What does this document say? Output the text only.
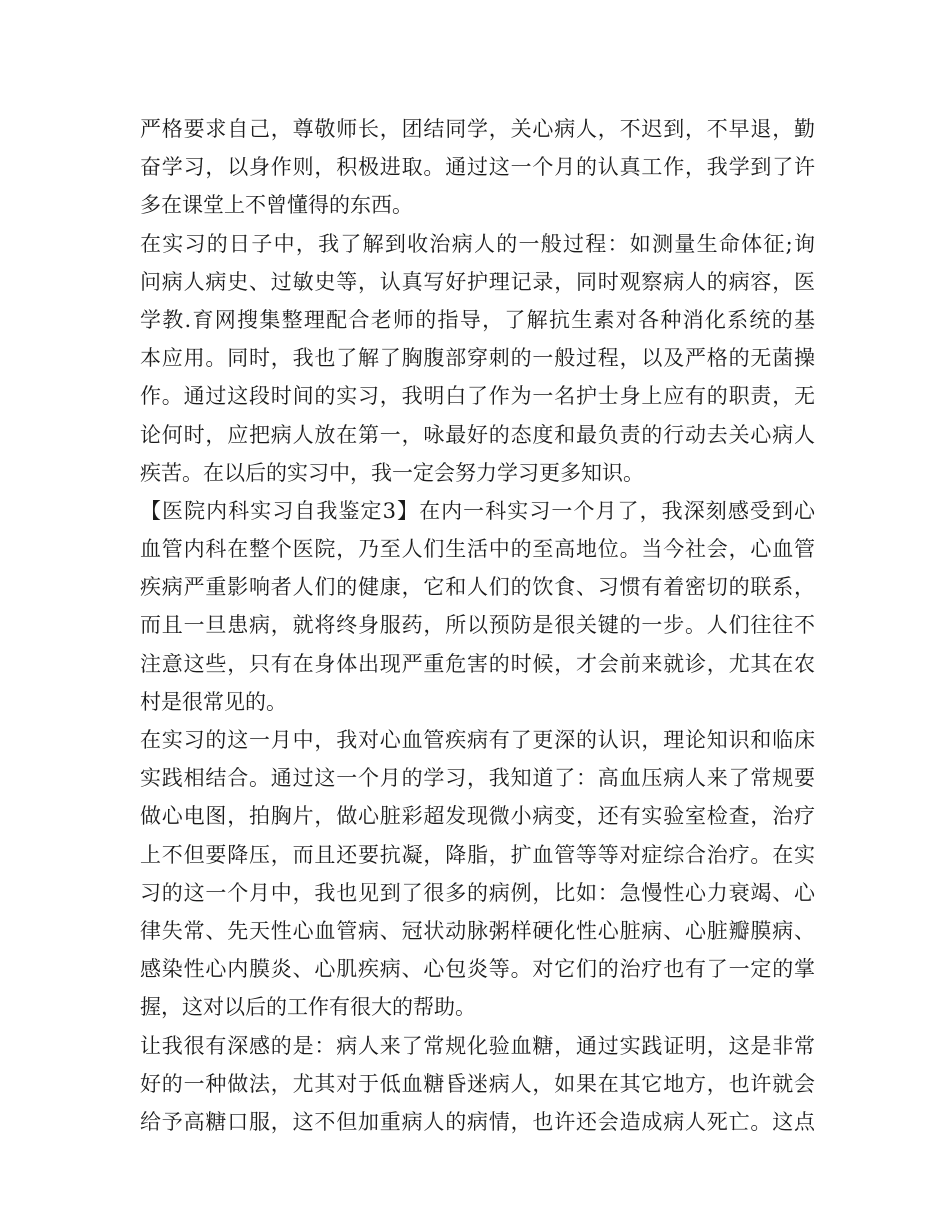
严格要求自己，尊敬师长，团结同学，关心病人，不迟到，不早退，勤
奋学习，以身作则，积极进取。通过这一个月的认真工作，我学到了许
多在课堂上不曾懂得的东西。
在实习的日子中，我了解到收治病人的一般过程：如测量生命体征;询
问病人病史、过敏史等，认真写好护理记录，同时观察病人的病容，医
学教.育网搜集整理配合老师的指导，了解抗生素对各种消化系统的基
本应用。同时，我也了解了胸腹部穿刺的一般过程，以及严格的无菌操
作。通过这段时间的实习，我明白了作为一名护士身上应有的职责，无
论何时，应把病人放在第一，咏最好的态度和最负责的行动去关心病人
疾苦。在以后的实习中，我一定会努力学习更多知识。
【医院内科实习自我鉴定3】在内一科实习一个月了，我深刻感受到心
血管内科在整个医院，乃至人们生活中的至高地位。当今社会，心血管
疾病严重影响者人们的健康，它和人们的饮食、习惯有着密切的联系，
而且一旦患病，就将终身服药，所以预防是很关键的一步。人们往往不
注意这些，只有在身体出现严重危害的时候，才会前来就诊，尤其在农
村是很常见的。
在实习的这一月中，我对心血管疾病有了更深的认识，理论知识和临床
实践相结合。通过这一个月的学习，我知道了：高血压病人来了常规要
做心电图，拍胸片，做心脏彩超发现微小病变，还有实验室检查，治疗
上不但要降压，而且还要抗凝，降脂，扩血管等等对症综合治疗。在实
习的这一个月中，我也见到了很多的病例，比如：急慢性心力衰竭、心
律失常、先天性心血管病、冠状动脉粥样硬化性心脏病、心脏瓣膜病、
感染性心内膜炎、心肌疾病、心包炎等。对它们的治疗也有了一定的掌
握，这对以后的工作有很大的帮助。
让我很有深感的是：病人来了常规化验血糖，通过实践证明，这是非常
好的一种做法，尤其对于低血糖昏迷病人，如果在其它地方，也许就会
给予高糖口服，这不但加重病人的病情，也许还会造成病人死亡。这点
